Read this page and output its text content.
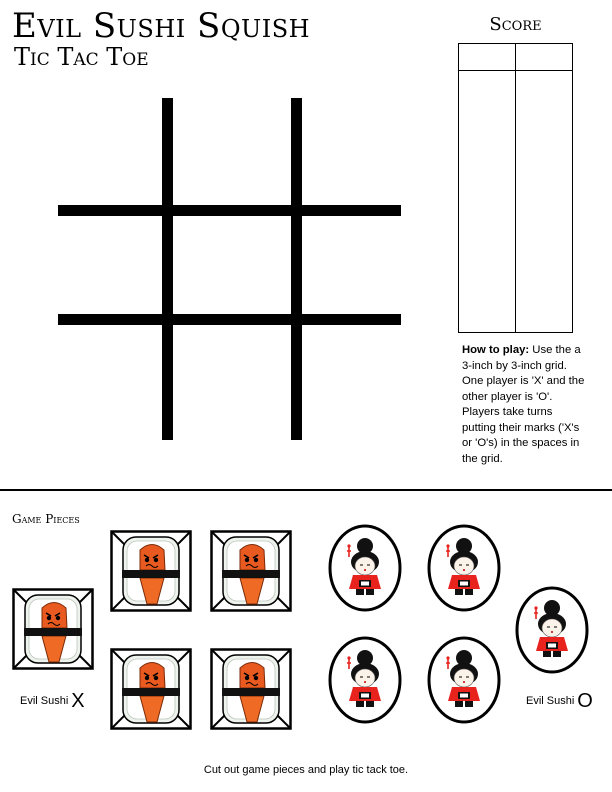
Evil Sushi Squish
Tic Tac Toe
Score
How to play: Use the a 3-inch by 3-inch grid. One player is 'X' and the other player is 'O'. Players take turns putting their marks ('X's or 'O's) in the spaces in the grid.
Game Pieces
Evil Sushi X	Evil Sushi O
Cut out game pieces and play tic tack toe.
